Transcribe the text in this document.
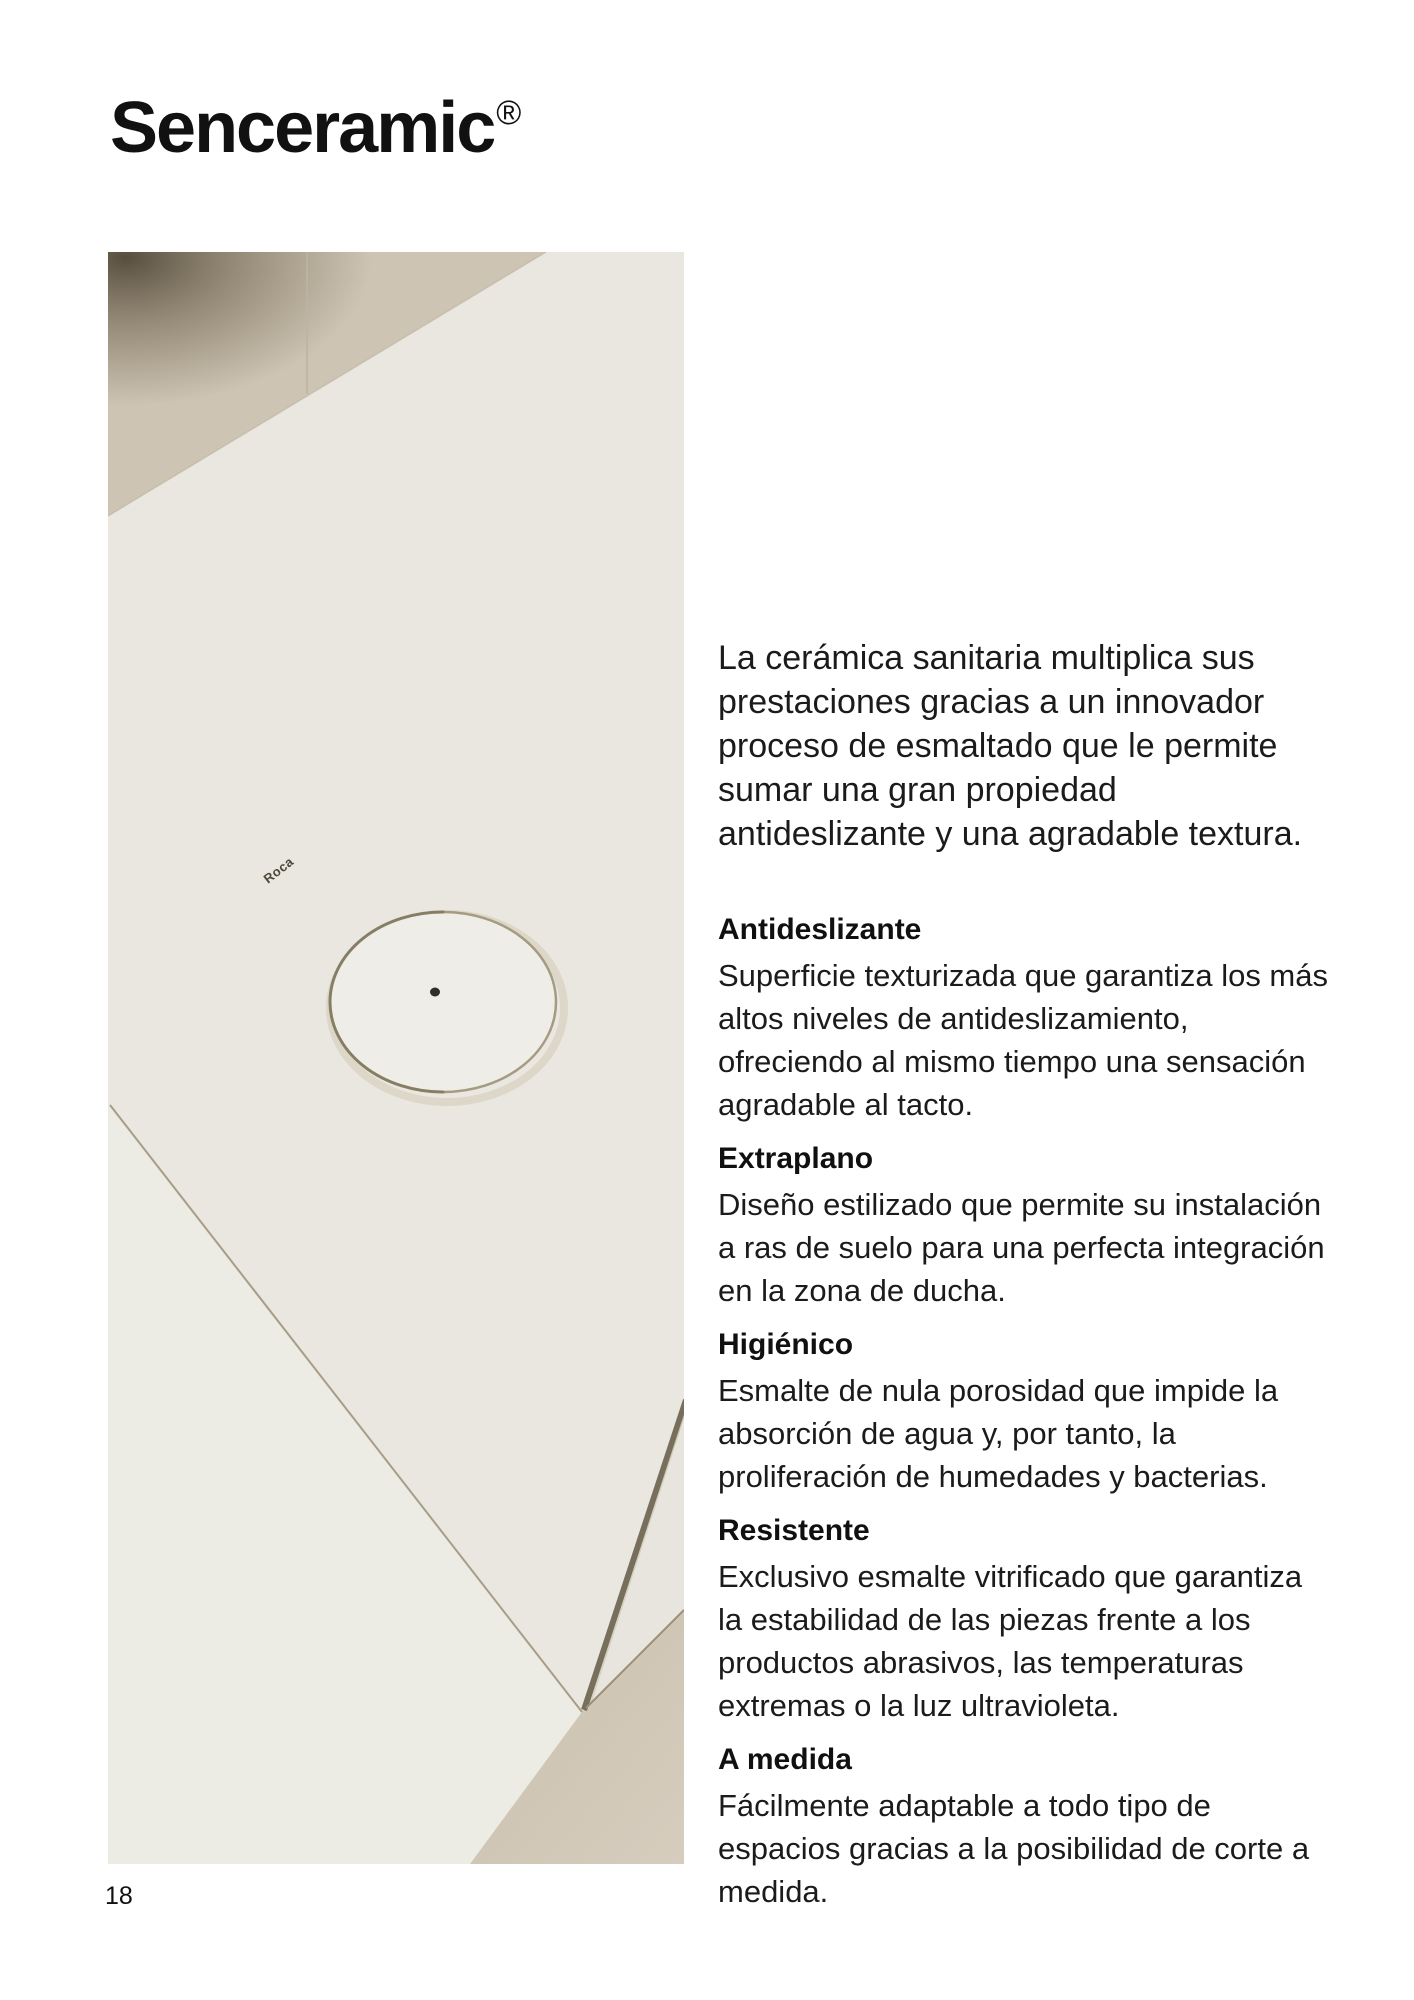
Senceramic®
Roca

La cerámica sanitaria multiplica sus prestaciones gracias a un innovador proceso de esmaltado que le permite sumar una gran propiedad antideslizante y una agradable textura.

Antideslizante

Superficie texturizada que garantiza los más altos niveles de antideslizamiento, ofreciendo al mismo tiempo una sensación agradable al tacto.

Extraplano

Diseño estilizado que permite su instalación a ras de suelo para una perfecta integración en la zona de ducha.

Higiénico

Esmalte de nula porosidad que impide la absorción de agua y, por tanto, la proliferación de humedades y bacterias.

Resistente

Exclusivo esmalte vitrificado que garantiza la estabilidad de las piezas frente a los productos abrasivos, las temperaturas extremas o la luz ultravioleta.

A medida

Fácilmente adaptable a todo tipo de espacios gracias a la posibilidad de corte a medida.

18
